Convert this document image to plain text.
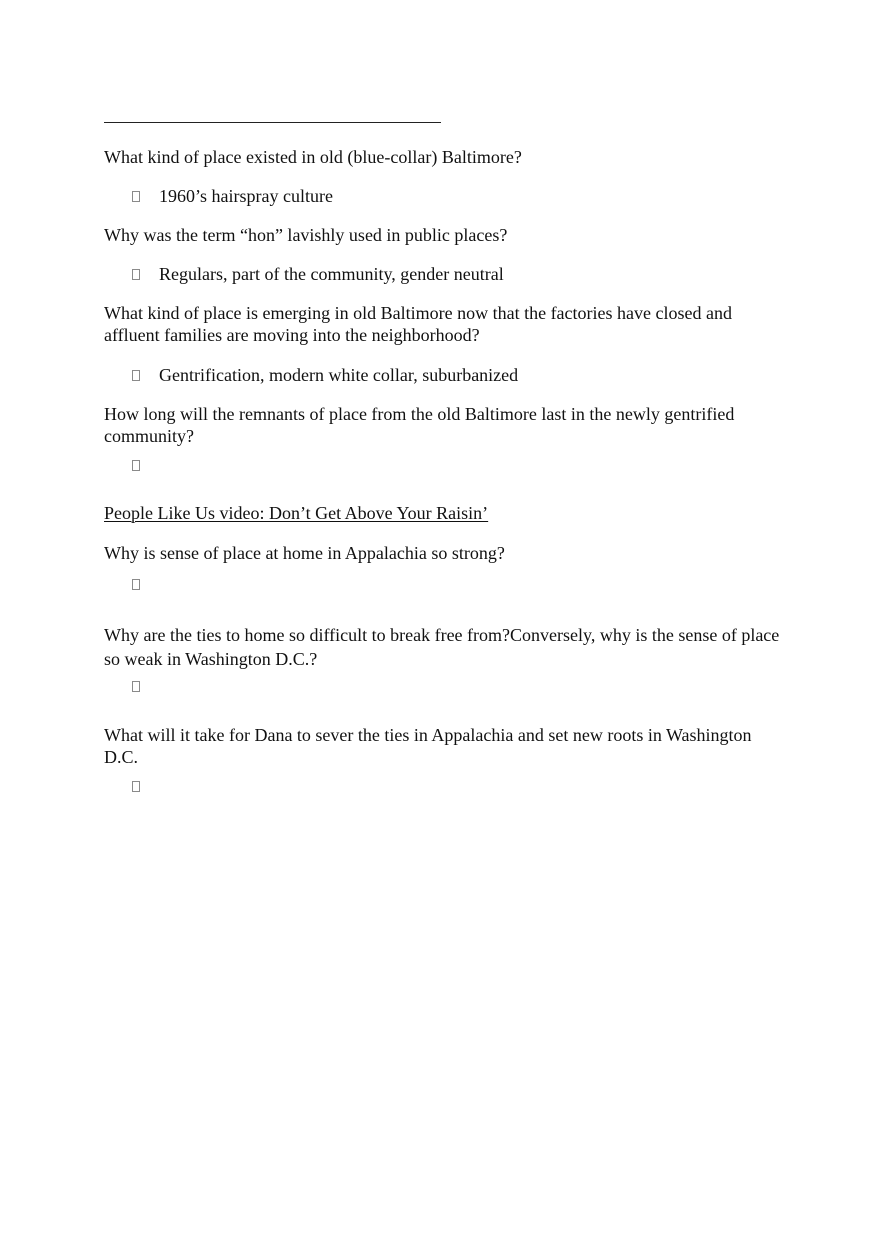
What kind of place existed in old (blue-collar) Baltimore?

1960’s hairspray culture

Why was the term “hon” lavishly used in public places?

Regulars, part of the community, gender neutral

What kind of place is emerging in old Baltimore now that the factories have closed and affluent families are moving into the neighborhood?

Gentrification, modern white collar, suburbanized

How long will the remnants of place from the old Baltimore last in the newly gentrified community?

People Like Us video: Don’t Get Above Your Raisin’

Why is sense of place at home in Appalachia so strong?

Why are the ties to home so difficult to break free from?Conversely, why is the sense of place so weak in Washington D.C.?

What will it take for Dana to sever the ties in Appalachia and set new roots in Washington D.C.
